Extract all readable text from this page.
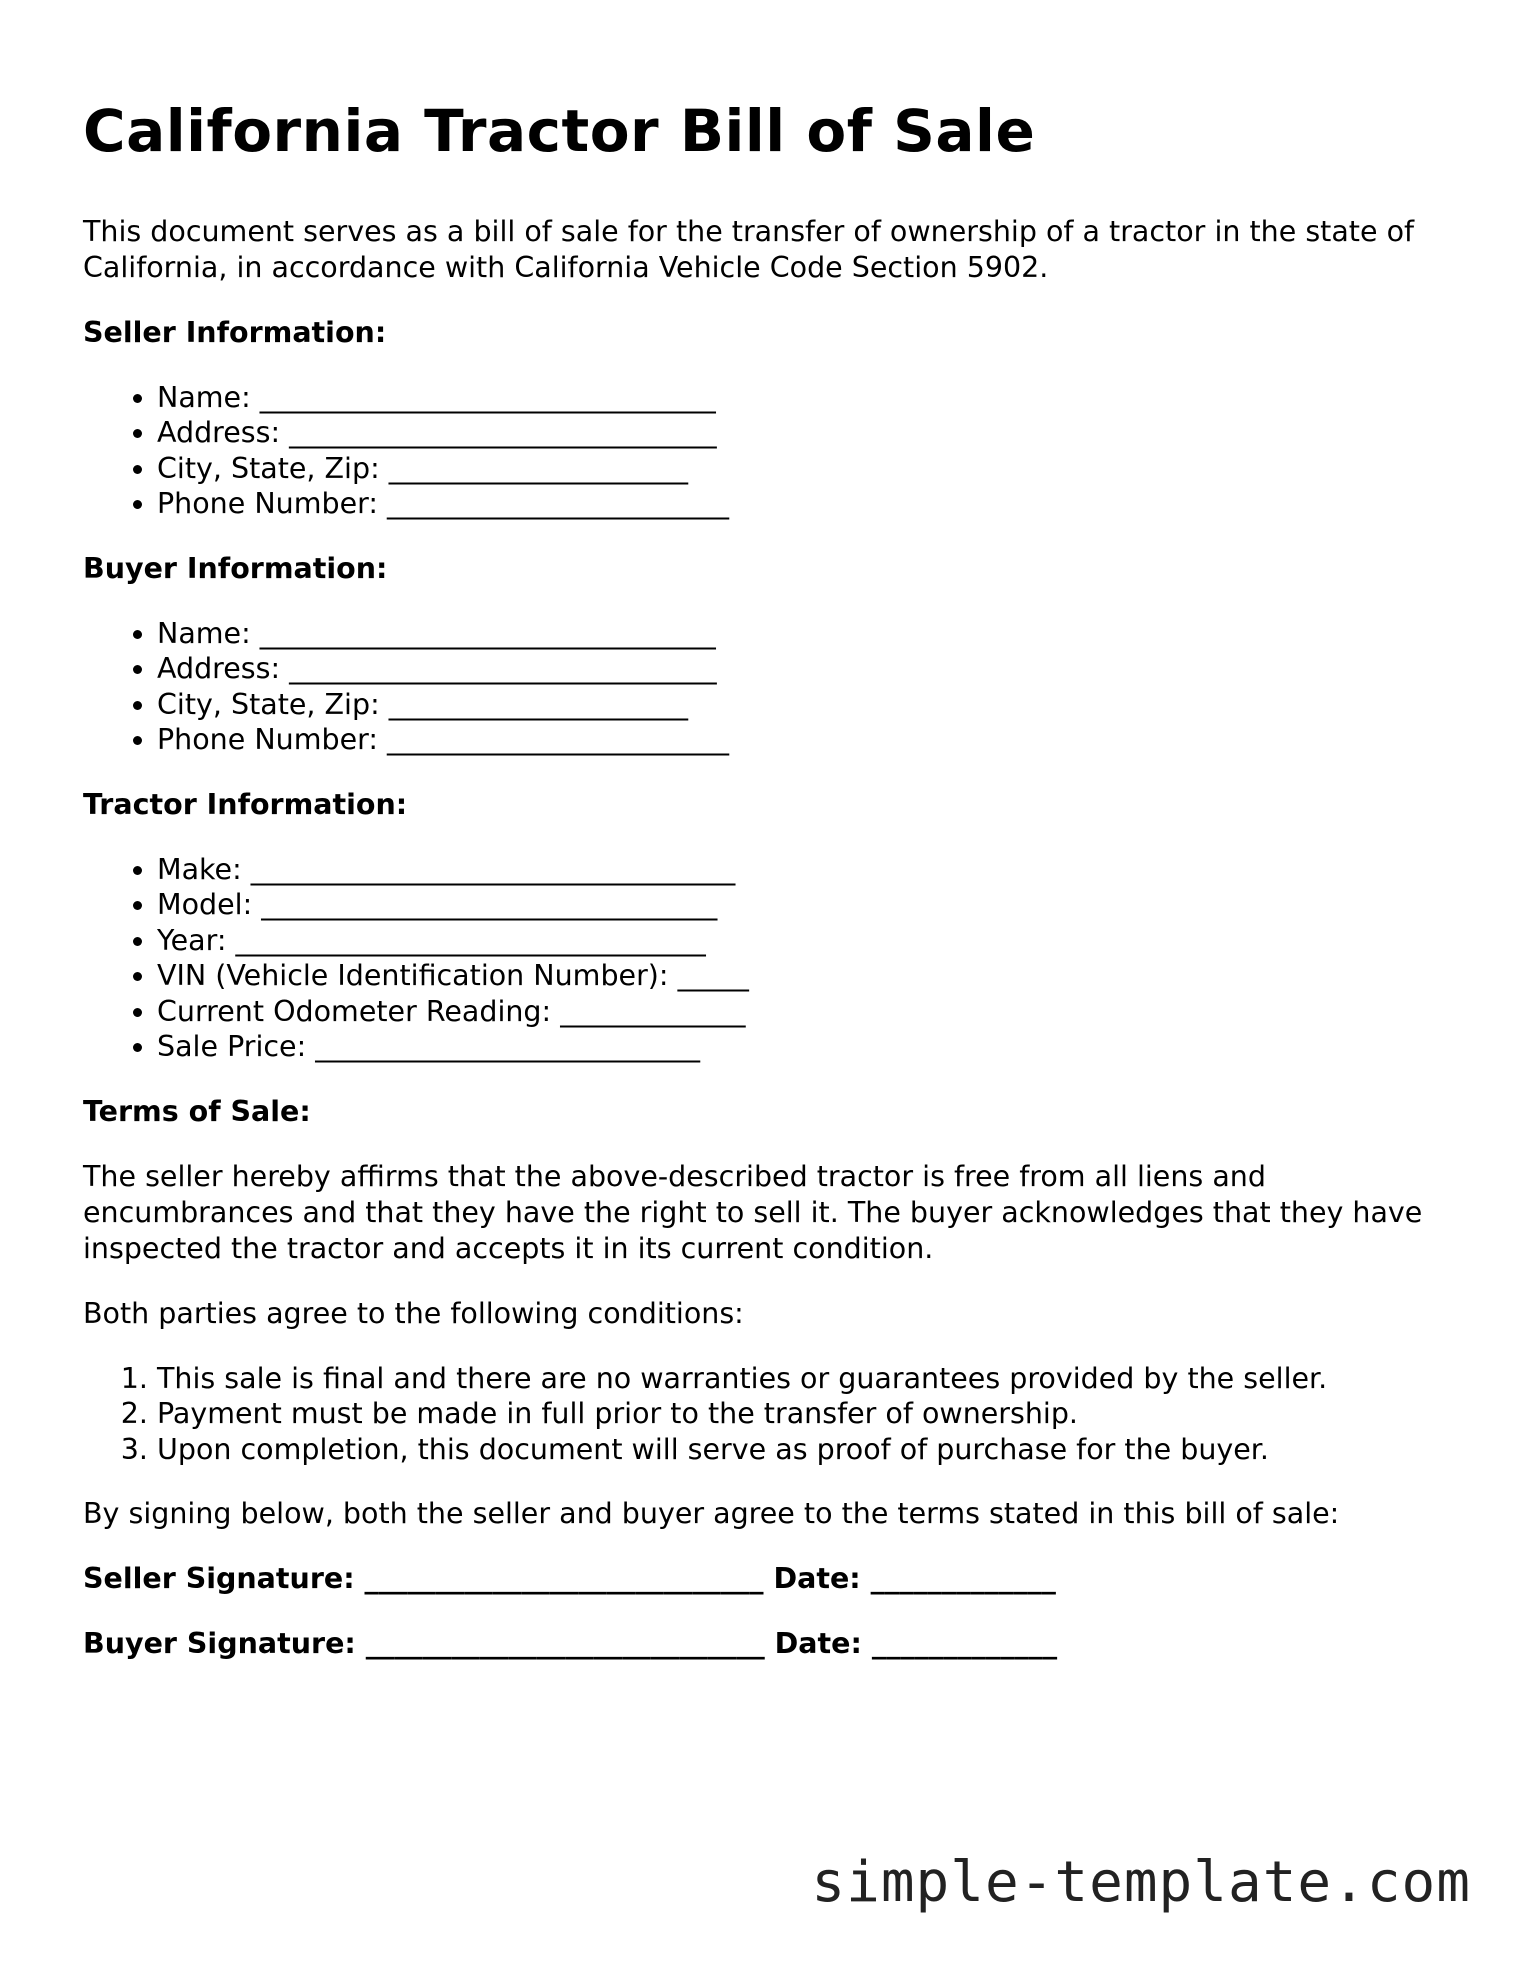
California Tractor Bill of Sale

This document serves as a bill of sale for the transfer of ownership of a tractor in the state of California, in accordance with California Vehicle Code Section 5902.

Seller Information:
• Name: ________________________________
• Address: ______________________________
• City, State, Zip: _____________________
• Phone Number: ________________________
Buyer Information:
• Name: ________________________________
• Address: ______________________________
• City, State, Zip: _____________________
• Phone Number: ________________________
Tractor Information:
• Make: __________________________________
• Model: ________________________________
• Year: _________________________________
• VIN (Vehicle Identification Number): _____
• Current Odometer Reading: _____________
• Sale Price: ___________________________
Terms of Sale:

The seller hereby affirms that the above-described tractor is free from all liens and encumbrances and that they have the right to sell it. The buyer acknowledges that they have inspected the tractor and accepts it in its current condition.

Both parties agree to the following conditions:

1. This sale is final and there are no warranties or guarantees provided by the seller.
2. Payment must be made in full prior to the transfer of ownership.
3. Upon completion, this document will serve as proof of purchase for the buyer.

By signing below, both the seller and buyer agree to the terms stated in this bill of sale:

Seller Signature: ____________________________ Date: _____________
Buyer Signature: ____________________________ Date: _____________
simple-template.com
